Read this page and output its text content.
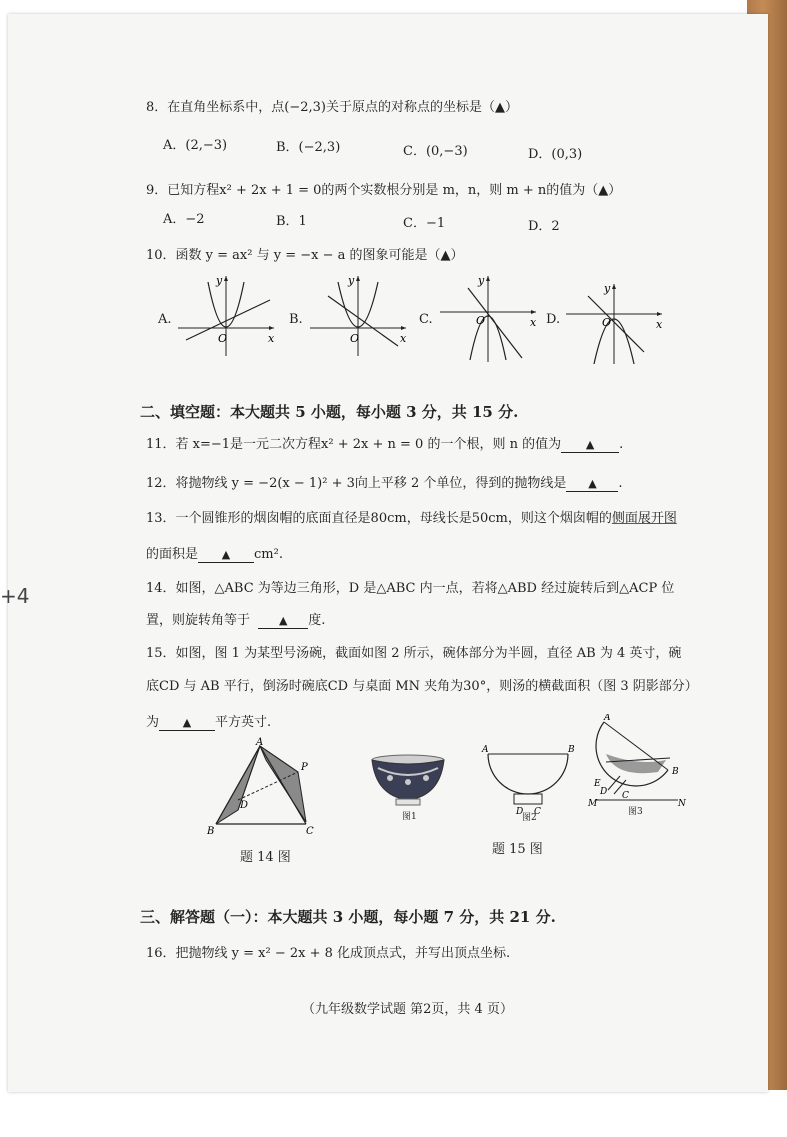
8．在直角坐标系中，点(−2,3)关于原点的对称点的坐标是（▲）
A．(2,−3)	B．(−2,3)	C．(0,−3)	D．(0,3)
9．已知方程x² + 2x + 1 = 0的两个实数根分别是 m，n，则 m + n的值为（▲）
A．−2	B．1	C．−1	D．2
10．函数 y = ax² 与 y = −x − a 的图象可能是（▲）
A.
O	x
y
B.
O	x
y
C.	O	x
y
D.	O	x
y
二、填空题：本大题共 5 小题，每小题 3 分，共 15 分.
11．若 x=−1是一元二次方程x² + 2x + n = 0 的一个根，则 n 的值为 ▲ .
12．将抛物线 y = −2(x − 1)² + 3向上平移 2 个单位，得到的抛物线是 ▲ .
13．一个圆锥形的烟囱帽的底面直径是80cm，母线长是50cm，则这个烟囱帽的侧面展开图
的面积是 ▲ cm².
14．如图，△ABC 为等边三角形，D 是△ABC 内一点，若将△ABD 经过旋转后到△ACP 位
置，则旋转角等于	▲ 度.
15．如图，图 1 为某型号汤碗，截面如图 2 所示，碗体部分为半圆，直径 AB 为 4 英寸，碗
底CD 与 AB 平行，倒汤时碗底CD 与桌面 MN 夹角为30°，则汤的横截面积（图 3 阴影部分）
为 ▲ 平方英寸.
A
B	C
D
P
题 14 图
图1
A	B
D C
图2
A
B
E
D C
M	N
图3
题 15 图
三、解答题（一）：本大题共 3 小题，每小题 7 分，共 21 分.
16．把抛物线 y = x² − 2x + 8 化成顶点式，并写出顶点坐标.
（九年级数学试题 第2页，共 4 页）
+4
